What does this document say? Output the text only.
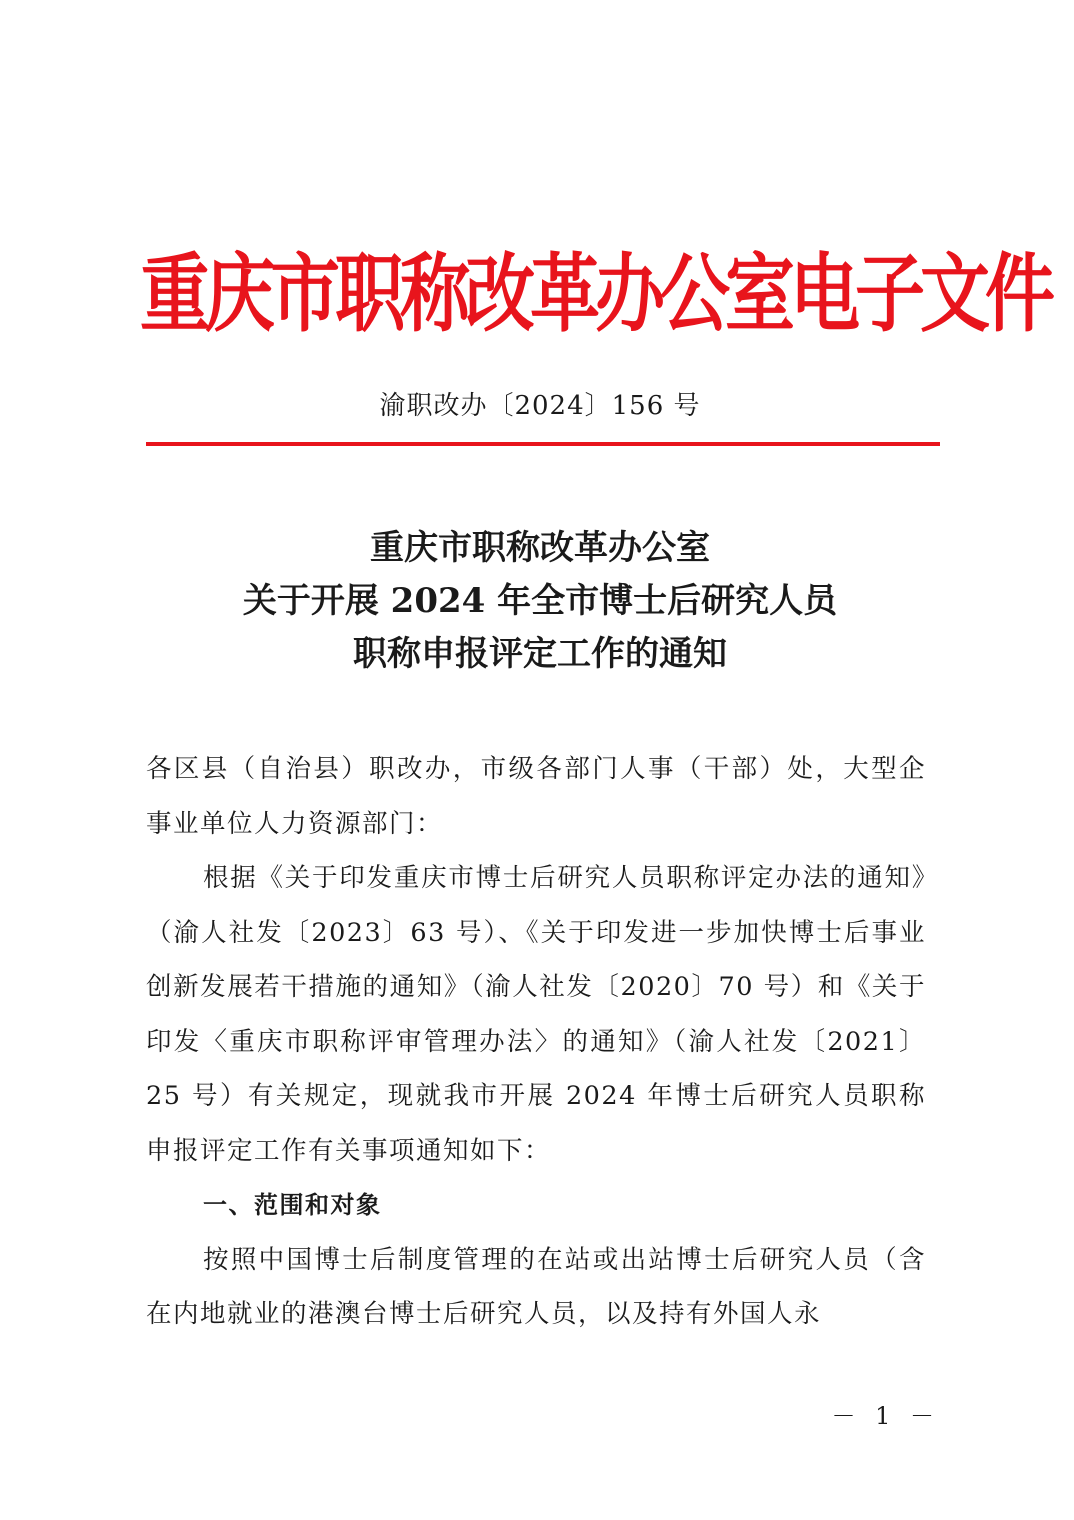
重庆市职称改革办公室电子文件
渝职改办〔2024〕156 号
重庆市职称改革办公室
关于开展 2024 年全市博士后研究人员
职称申报评定工作的通知

各区县（自治县）职改办，市级各部门人事（干部）处，大型企事业单位人力资源部门：

根据《关于印发重庆市博士后研究人员职称评定办法的通知》（渝人社发〔2023〕63 号）、《关于印发进一步加快博士后事业创新发展若干措施的通知》（渝人社发〔2020〕70 号）和《关于印发〈重庆市职称评审管理办法〉的通知》（渝人社发〔2021〕25 号）有关规定，现就我市开展 2024 年博士后研究人员职称申报评定工作有关事项通知如下：

一、范围和对象

按照中国博士后制度管理的在站或出站博士后研究人员（含在内地就业的港澳台博士后研究人员，以及持有外国人永

－ 1 －
